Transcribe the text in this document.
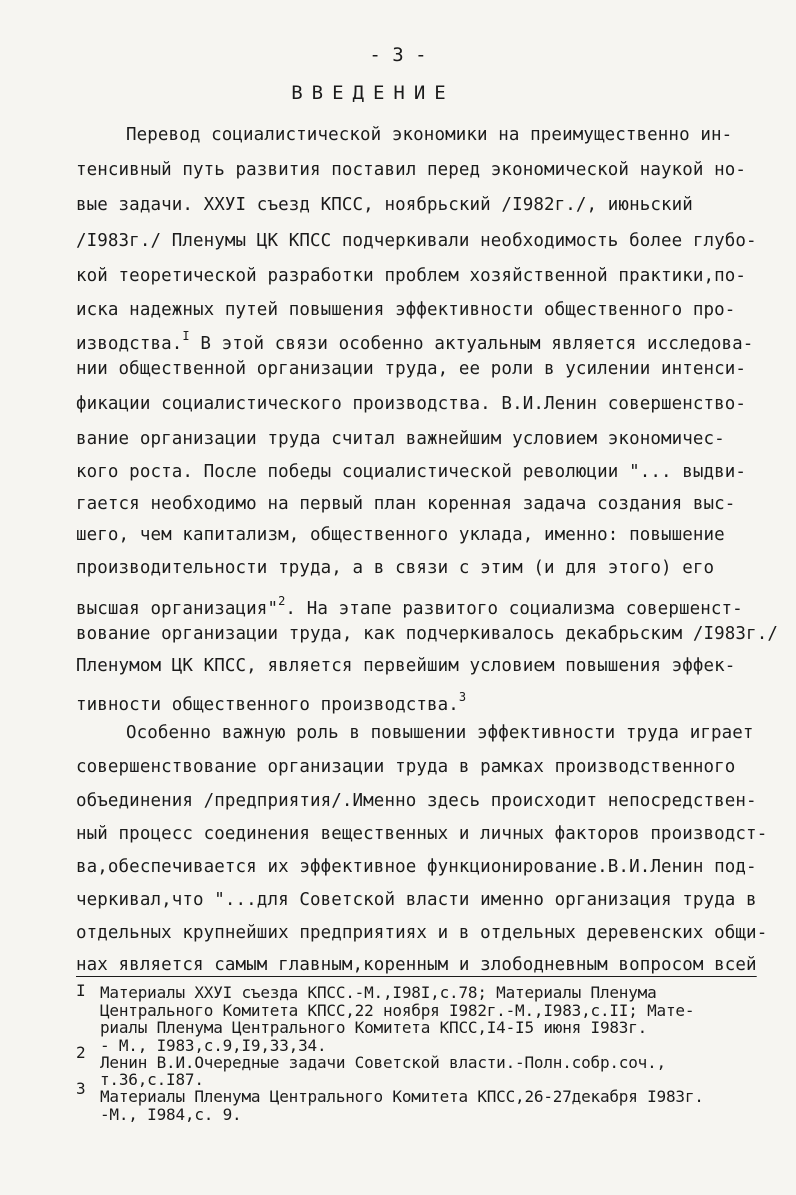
- 3 -
ВВЕДЕНИЕ
Перевод социалистической экономики на преимущественно ин-
тенсивный путь развития поставил перед экономической наукой но-
вые задачи. ХХУI съезд КПСС, ноябрьский /I982г./, июньский
/I983г./ Пленумы ЦК КПСС подчеркивали необходимость более глубо-
кой теоретической разработки проблем хозяйственной практики,по-
иска надежных путей повышения эффективности общественного про-
изводства.$^I$ В этой связи особенно актуальным является исследова-
нии общественной организации труда, ее роли в усилении интенси-
фикации социалистического производства. В.И.Ленин совершенство-
вание организации труда считал важнейшим условием экономичес-
кого роста. После победы социалистической революции "... выдви-
гается необходимо на первый план коренная задача создания выс-
шего, чем капитализм, общественного уклада, именно: повышение
производительности труда, а в связи с этим (и для этого) его
высшая организация"$^2$. На этапе развитого социализма совершенст-
вование организации труда, как подчеркивалось декабрьским /I983г./
Пленумом ЦК КПСС, является первейшим условием повышения эффек-
тивности общественного производства.$^3$
Особенно важную роль в повышении эффективности труда играет
совершенствование организации труда в рамках производственного
объединения /предприятия/.Именно здесь происходит непосредствен-
ный процесс соединения вещественных и личных факторов производст-
ва,обеспечивается их эффективное функционирование.В.И.Ленин под-
черкивал,что "...для Советской власти именно организация труда в
отдельных крупнейших предприятиях и в отдельных деревенских общи-
нах является самым главным,коренным и злободневным вопросом всей
I Материалы ХХУI съезда КПСС.-М.,I98I,с.78; Материалы Пленума
Центрального Комитета КПСС,22 ноября I982г.-М.,I983,с.II; Мате-
риалы Пленума Центрального Комитета КПСС,I4-I5 июня I983г.
- М., I983,с.9,I9,33,34.
2
Ленин В.И.Очередные задачи Советской власти.-Полн.собр.соч.,
т.36,с.I87.
3 Материалы Пленума Центрального Комитета КПСС,26-27декабря I983г.
-М., I984,с. 9.
